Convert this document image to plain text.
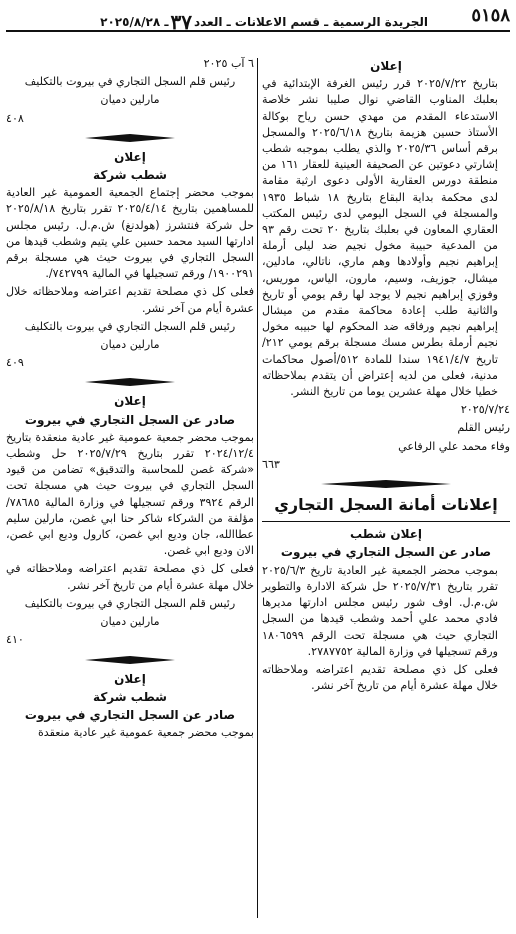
٥١٥٨
الجريدة الرسمية ـ قسم الاعلانات ـ العدد٣٧ـ ٢٠٢٥/٨/٢٨
إعلان

بتاريخ ٢٠٢٥/٧/٢٢ قرر رئيس الغرفة الإبتدائية في بعلبك المناوب القاضي نوال صليبا نشر خلاصة الاستدعاء المقدم من مهدي حسن رياح بوكالة الأستاذ حسين هزيمة بتاريخ ٢٠٢٥/٦/١٨ والمسجل برقم أساس ٢٠٢٥/٣٦ والذي يطلب بموجبه شطب إشارتي دعوتين عن الصحيفة العينية للعقار ١٦١ من منطقة دورس العقارية الأولى دعوى ارثية مقامة لدى محكمة بداية البقاع بتاريخ ١٨ شباط ١٩٣٥ والمسجلة في السجل اليومي لدى رئيس المكتب العقاري المعاون في بعلبك بتاريخ ٢٠ تحت رقم ٩٣ من المدعية حبيبة مخول نجيم ضد ليلى أرملة إبراهيم نجيم وأولادها وهم ماري، ناتالي، مادلين، ميشال، جوزيف، وسيم، مارون، الياس، موريس، وفوزي إبراهيم نجيم لا يوجد لها رقم يومي أو تاريخ والثانية طلب إعادة محاكمة مقدم من ميشال إبراهيم نجيم ورفاقه ضد المحكوم لها حبيبه مخول نجيم أرملة بطرس مسك مسجلة برقم يومي ٢١٢/ تاريخ ١٩٤١/٤/٧ سندا للمادة ٥١٢/أصول محاكمات مدنية، فعلى من لديه إعتراض أن يتقدم بملاحظاته خطيا خلال مهلة عشرين يوما من تاريخ النشر.

٢٠٢٥/٧/٢٤

رئيس القلم

وفاء محمد علي الرفاعي

٦٦٣

إعلانات أمانة السجل التجاري
إعلان شطب
صادر عن السجل التجاري في بيروت

بموجب محضر الجمعية غير العادية تاريخ ٢٠٢٥/٦/٣ تقرر بتاريخ ٢٠٢٥/٧/٣١ حل شركة الادارة والتطوير ش.م.ل. اوف شور رئيس مجلس ادارتها مديرها فادي محمد علي أحمد وشطب قيدها من السجل التجاري حيث هي مسجلة تحت الرقم ١٨٠٦٥٩٩ ورقم تسجيلها في وزارة المالية ٢٧٨٧٧٥٢.

فعلى كل ذي مصلحة تقديم اعتراضه وملاحظاته خلال مهلة عشرة أيام من تاريخ آخر نشر.

٦ آب ٢٠٢٥

رئيس قلم السجل التجاري في بيروت بالتكليف

مارلين دميان

٤٠٨

إعلان
شطب شركة

بموجب محضر إجتماع الجمعية العمومية غير العادية للمساهمين بتاريخ ٢٠٢٥/٤/١٤ تقرر بتاريخ ٢٠٢٥/٨/١٨ حل شركة فنتشرز (هولدنغ) ش.م.ل. رئيس مجلس ادارتها السيد محمد حسين علي يتيم وشطب قيدها من السجل التجاري في بيروت حيث هي مسجلة برقم ١٩٠٠٢٩١/ ورقم تسجيلها في المالية ٧٤٢٧٩٩/.

فعلى كل ذي مصلحة تقديم اعتراضه وملاحظاته خلال عشرة أيام من آخر نشر.

رئيس قلم السجل التجاري في بيروت بالتكليف

مارلين دميان

٤٠٩

إعلان
صادر عن السجل التجاري في بيروت

بموجب محضر جمعية عمومية غير عادية منعقدة بتاريخ ٢٠٢٤/١٢/٤ تقرر بتاريخ ٢٠٢٥/٧/٢٩ حل وشطب «شركة غصن للمحاسبة والتدقيق» تضامن من قيود السجل التجاري في بيروت حيث هي مسجلة تحت الرقم ٣٩٢٤ ورقم تسجيلها في وزارة المالية ٧٨٦٨٥/ مؤلفة من الشركاء شاكر حنا ابي غصن، مارلين سليم عطاالله، جان وديع ابي غصن، كارول وديع ابي غصن، الان وديع ابي غصن.

فعلى كل ذي مصلحة تقديم اعتراضه وملاحظاته في خلال مهلة عشرة أيام من تاريخ آخر نشر.

رئيس قلم السجل التجاري في بيروت بالتكليف

مارلين دميان

٤١٠

إعلان
شطب شركة
صادر عن السجل التجاري في بيروت

بموجب محضر جمعية عمومية غير عادية منعقدة
